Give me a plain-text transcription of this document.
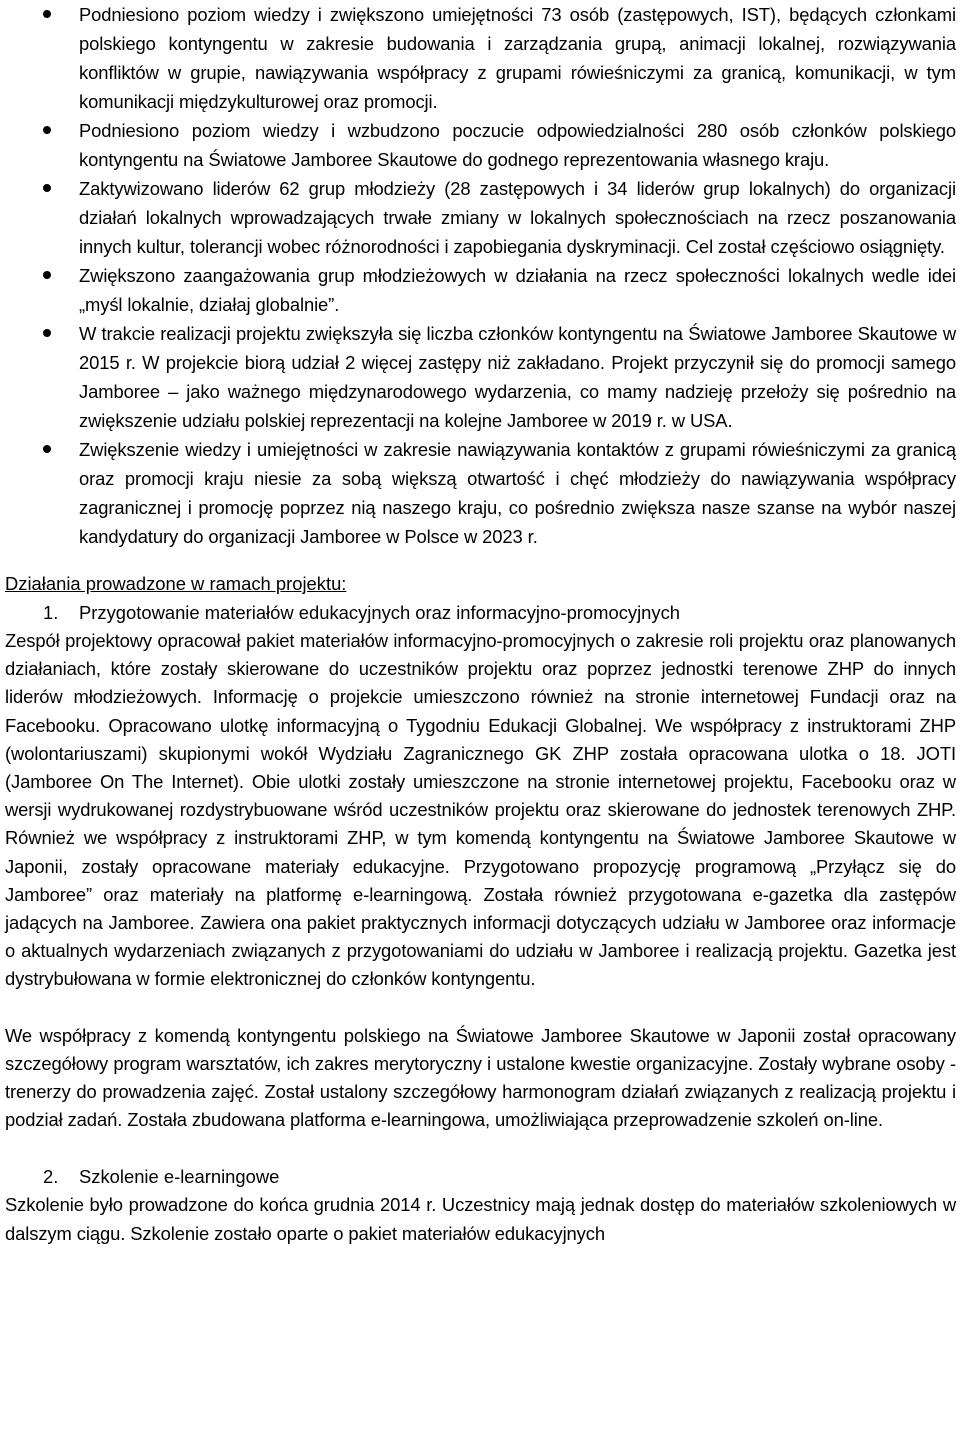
Podniesiono poziom wiedzy i zwiększono umiejętności 73 osób (zastępowych, IST), będących członkami polskiego kontyngentu w zakresie budowania i zarządzania grupą, animacji lokalnej, rozwiązywania konfliktów w grupie, nawiązywania współpracy z grupami rówieśniczymi za granicą, komunikacji, w tym komunikacji międzykulturowej oraz promocji.
Podniesiono poziom wiedzy i wzbudzono poczucie odpowiedzialności 280 osób członków polskiego kontyngentu na Światowe Jamboree Skautowe do godnego reprezentowania własnego kraju.
Zaktywizowano liderów 62 grup młodzieży (28 zastępowych i 34 liderów grup lokalnych) do organizacji działań lokalnych wprowadzających trwałe zmiany w lokalnych społecznościach na rzecz poszanowania innych kultur, tolerancji wobec różnorodności i zapobiegania dyskryminacji. Cel został częściowo osiągnięty.
Zwiększono zaangażowania grup młodzieżowych w działania na rzecz społeczności lokalnych wedle idei „myśl lokalnie, działaj globalnie”.
W trakcie realizacji projektu zwiększyła się liczba członków kontyngentu na Światowe Jamboree Skautowe w 2015 r. W projekcie biorą udział 2 więcej zastępy niż zakładano. Projekt przyczynił się do promocji samego Jamboree – jako ważnego międzynarodowego wydarzenia, co mamy nadzieję przełoży się pośrednio na zwiększenie udziału polskiej reprezentacji na kolejne Jamboree w 2019 r. w USA.
Zwiększenie wiedzy i umiejętności w zakresie nawiązywania kontaktów z grupami rówieśniczymi za granicą oraz promocji kraju niesie za sobą większą otwartość i chęć młodzieży do nawiązywania współpracy zagranicznej i promocję poprzez nią naszego kraju, co pośrednio zwiększa nasze szanse na wybór naszej kandydatury do organizacji Jamboree w Polsce w 2023 r.
Działania prowadzone w ramach projektu:
1. Przygotowanie materiałów edukacyjnych oraz informacyjno-promocyjnych

Zespół projektowy opracował pakiet materiałów informacyjno-promocyjnych o zakresie roli projektu oraz planowanych działaniach, które zostały skierowane do uczestników projektu oraz poprzez jednostki terenowe ZHP do innych liderów młodzieżowych. Informację o projekcie umieszczono również na stronie internetowej Fundacji oraz na Facebooku. Opracowano ulotkę informacyjną o Tygodniu Edukacji Globalnej. We współpracy z instruktorami ZHP (wolontariuszami) skupionymi wokół Wydziału Zagranicznego GK ZHP została opracowana ulotka o 18. JOTI (Jamboree On The Internet). Obie ulotki zostały umieszczone na stronie internetowej projektu, Facebooku oraz w wersji wydrukowanej rozdystrybuowane wśród uczestników projektu oraz skierowane do jednostek terenowych ZHP. Również we współpracy z instruktorami ZHP, w tym komendą kontyngentu na Światowe Jamboree Skautowe w Japonii, zostały opracowane materiały edukacyjne. Przygotowano propozycję programową „Przyłącz się do Jamboree” oraz materiały na platformę e-learningową. Została również przygotowana e-gazetka dla zastępów jadących na Jamboree. Zawiera ona pakiet praktycznych informacji dotyczących udziału w Jamboree oraz informacje o aktualnych wydarzeniach związanych z przygotowaniami do udziału w Jamboree i realizacją projektu. Gazetka jest dystrybułowana w formie elektronicznej do członków kontyngentu.

We współpracy z komendą kontyngentu polskiego na Światowe Jamboree Skautowe w Japonii został opracowany szczegółowy program warsztatów, ich zakres merytoryczny i ustalone kwestie organizacyjne. Zostały wybrane osoby - trenerzy do prowadzenia zajęć. Został ustalony szczegółowy harmonogram działań związanych z realizacją projektu i podział zadań. Została zbudowana platforma e-learningowa, umożliwiająca przeprowadzenie szkoleń on-line.

2. Szkolenie e-learningowe

Szkolenie było prowadzone do końca grudnia 2014 r. Uczestnicy mają jednak dostęp do materiałów szkoleniowych w dalszym ciągu. Szkolenie zostało oparte o pakiet materiałów edukacyjnych
